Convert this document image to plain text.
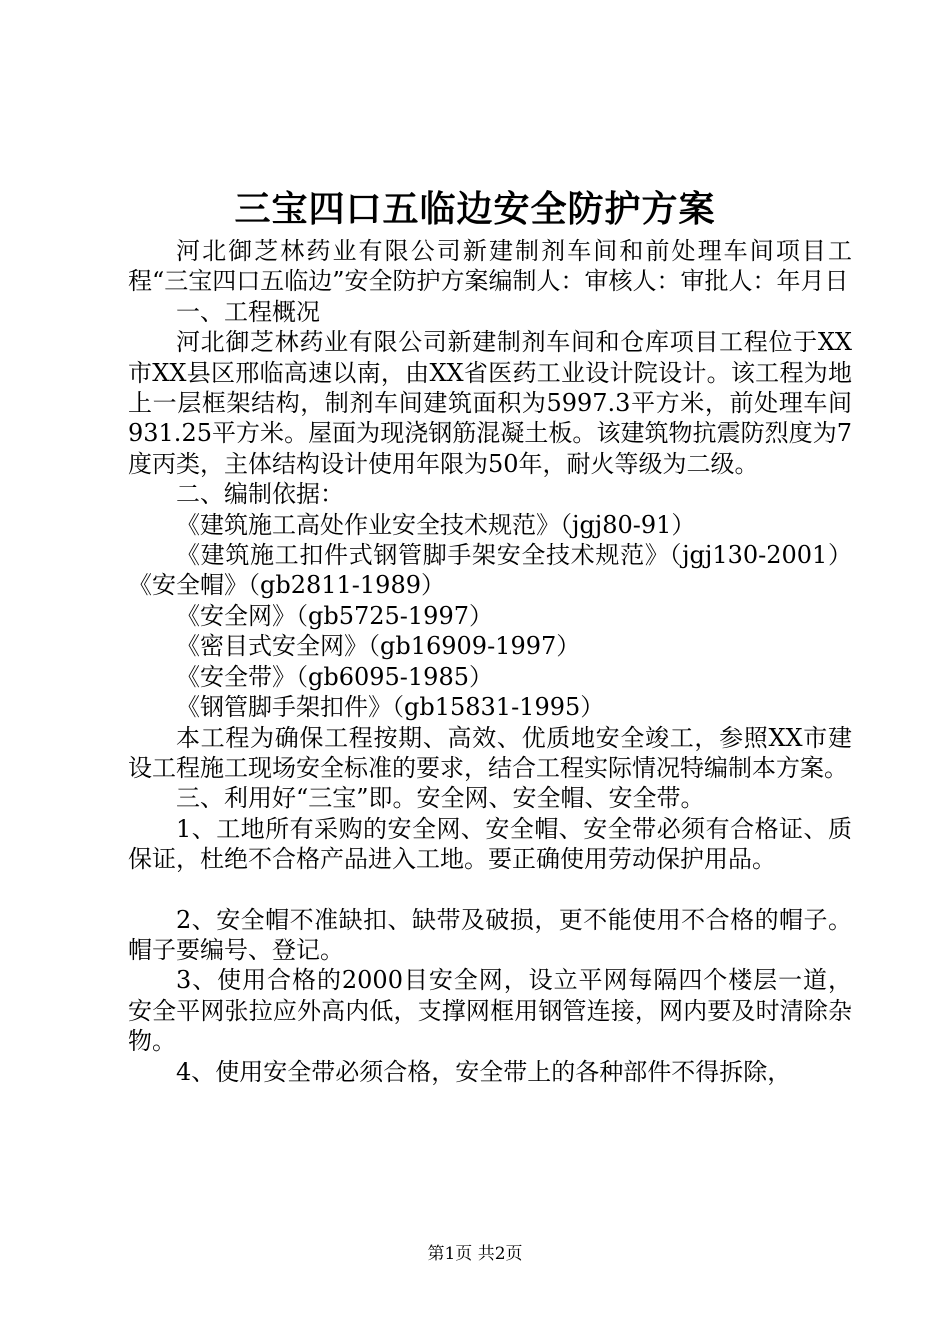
三宝四口五临边安全防护方案

河北御芝林药业有限公司新建制剂车间和前处理车间项目工程“三宝四口五临边”安全防护方案编制人：审核人：审批人：年月日

一、工程概况

河北御芝林药业有限公司新建制剂车间和仓库项目工程位于XX市XX县区邢临高速以南，由XX省医药工业设计院设计。该工程为地上一层框架结构，制剂车间建筑面积为5997.3平方米，前处理车间931.25平方米。屋面为现浇钢筋混凝土板。该建筑物抗震防烈度为7度丙类，主体结构设计使用年限为50年，耐火等级为二级。

二、编制依据：

《建筑施工高处作业安全技术规范》（jgj80-91）

《建筑施工扣件式钢管脚手架安全技术规范》（jgj130-2001）《安全帽》（gb2811-1989）

《安全网》（gb5725-1997）

《密目式安全网》（gb16909-1997）

《安全带》（gb6095-1985）

《钢管脚手架扣件》（gb15831-1995）

本工程为确保工程按期、高效、优质地安全竣工，参照XX市建设工程施工现场安全标准的要求，结合工程实际情况特编制本方案。

三、利用好“三宝”即。安全网、安全帽、安全带。

1、工地所有采购的安全网、安全帽、安全带必须有合格证、质保证，杜绝不合格产品进入工地。要正确使用劳动保护用品。

2、安全帽不准缺扣、缺带及破损，更不能使用不合格的帽子。帽子要编号、登记。

3、使用合格的2000目安全网，设立平网每隔四个楼层一道，安全平网张拉应外高内低，支撑网框用钢管连接，网内要及时清除杂物。

4、使用安全带必须合格，安全带上的各种部件不得拆除，

第1页 共2页
